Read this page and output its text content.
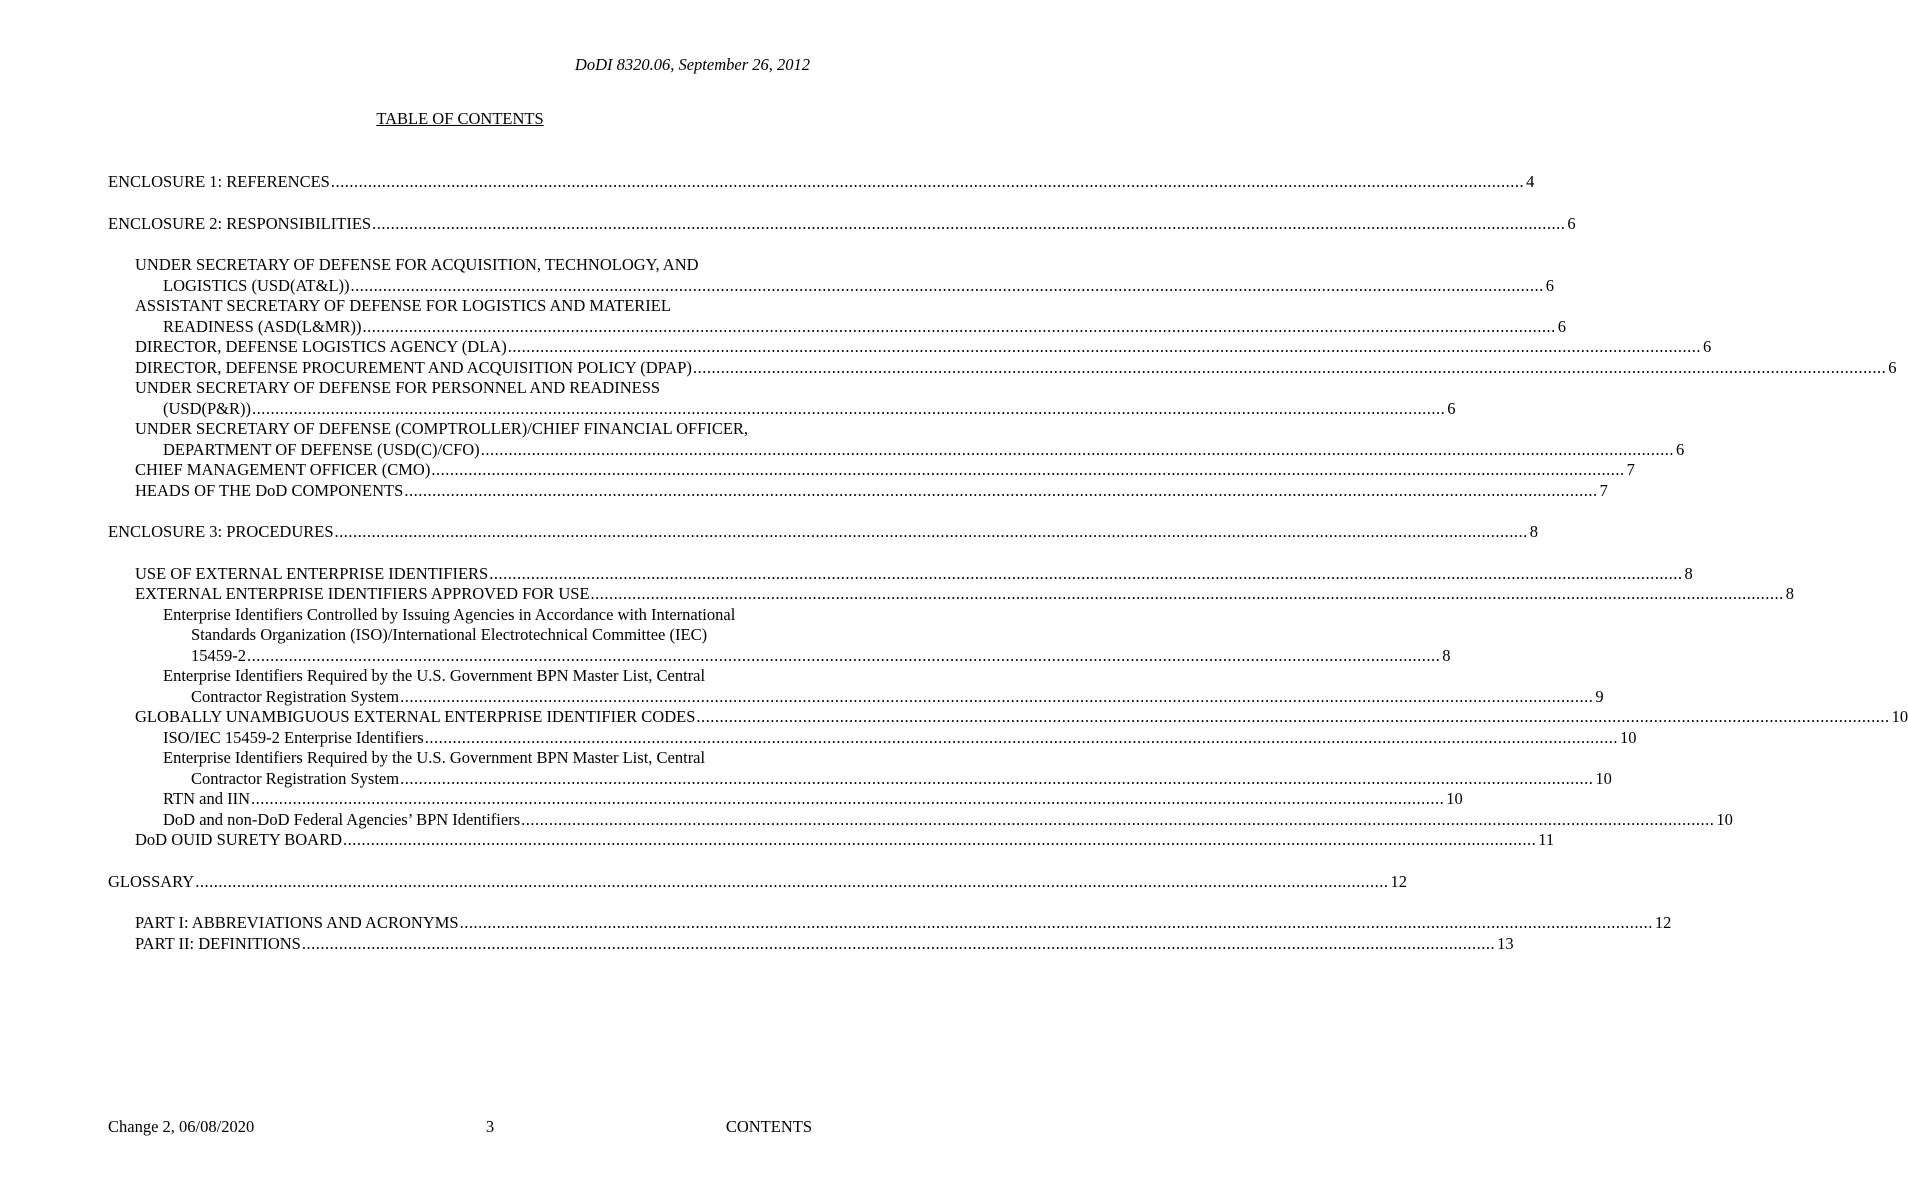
DoDI 8320.06, September 26, 2012
TABLE OF CONTENTS
ENCLOSURE 1: REFERENCES .....	4
ENCLOSURE 2: RESPONSIBILITIES .....	6
UNDER SECRETARY OF DEFENSE FOR ACQUISITION, TECHNOLOGY, AND
LOGISTICS (USD(AT&L)) .....	6
ASSISTANT SECRETARY OF DEFENSE FOR LOGISTICS AND MATERIEL
READINESS (ASD(L&MR)) .....	6
DIRECTOR, DEFENSE LOGISTICS AGENCY (DLA) .....	6
DIRECTOR, DEFENSE PROCUREMENT AND ACQUISITION POLICY (DPAP) .....	6
UNDER SECRETARY OF DEFENSE FOR PERSONNEL AND READINESS
(USD(P&R)) .....	6
UNDER SECRETARY OF DEFENSE (COMPTROLLER)/CHIEF FINANCIAL OFFICER,
DEPARTMENT OF DEFENSE (USD(C)/CFO) .....	6
CHIEF MANAGEMENT OFFICER (CMO) .....	7
HEADS OF THE DoD COMPONENTS .....	7
ENCLOSURE 3: PROCEDURES .....	8
USE OF EXTERNAL ENTERPRISE IDENTIFIERS .....	8
EXTERNAL ENTERPRISE IDENTIFIERS APPROVED FOR USE .....	8
Enterprise Identifiers Controlled by Issuing Agencies in Accordance with International
Standards Organization (ISO)/International Electrotechnical Committee (IEC)
15459-2 .....	8
Enterprise Identifiers Required by the U.S. Government BPN Master List, Central
Contractor Registration System .....	9
GLOBALLY UNAMBIGUOUS EXTERNAL ENTERPRISE IDENTIFIER CODES .....	10
ISO/IEC 15459-2 Enterprise Identifiers .....	10
Enterprise Identifiers Required by the U.S. Government BPN Master List, Central
Contractor Registration System .....	10
RTN and IIN .....	10
DoD and non-DoD Federal Agencies’ BPN Identifiers .....	10
DoD OUID SURETY BOARD .....	11
GLOSSARY .....	12
PART I: ABBREVIATIONS AND ACRONYMS .....	12
PART II: DEFINITIONS .....	13
Change 2, 06/08/2020	3	CONTENTS
